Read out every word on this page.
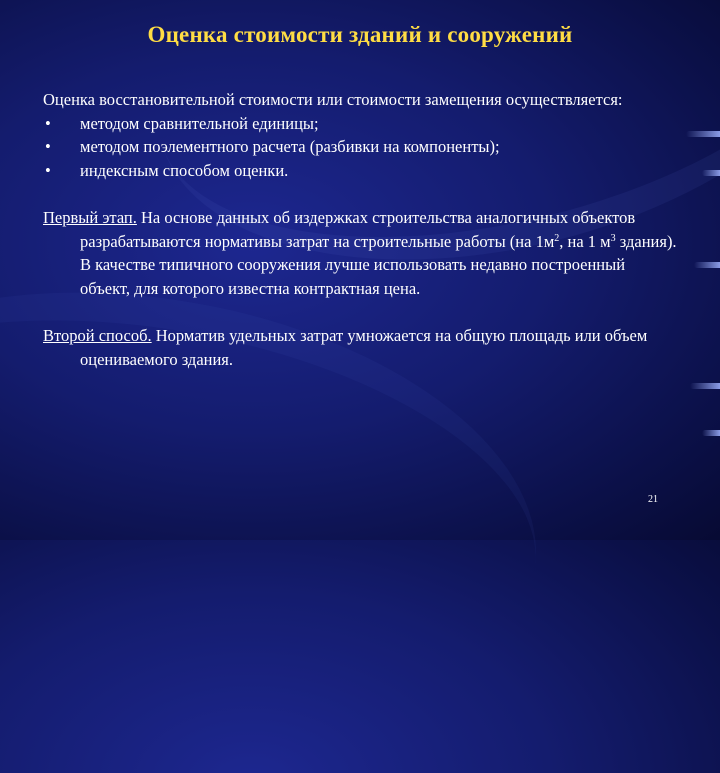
Оценка стоимости зданий и сооружений

Оценка восстановительной стоимости или стоимости замещения осуществляется:

• методом сравнительной единицы;
• методом поэлементного расчета (разбивки на компоненты);
• индексным способом оценки.

Первый этап. На основе данных об издержках строительства аналогичных объектов разрабатываются нормативы затрат на строительные работы (на $1м^2$, на 1 $м^3$ здания). В качестве типичного сооружения лучше использовать недавно построенный объект, для которого известна контрактная цена.

Второй способ. Норматив удельных затрат умножается на общую площадь или объем оцениваемого здания.

21
